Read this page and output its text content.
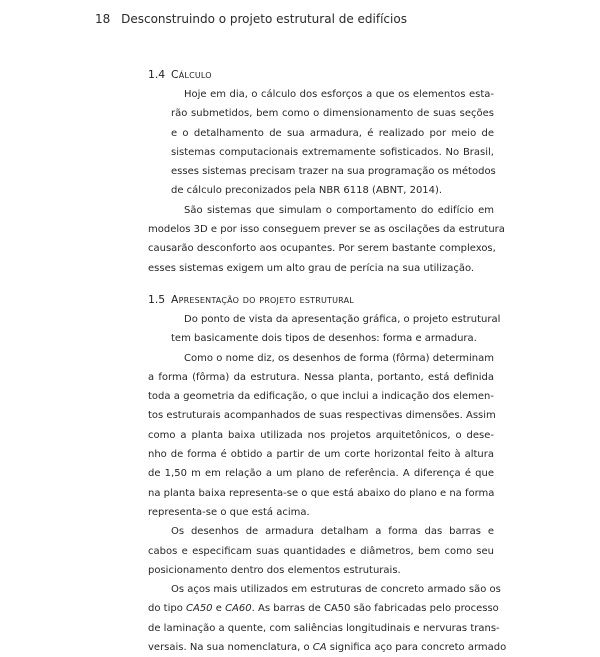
18 Desconstruindo o projeto estrutural de edifícios
1.4 Cálculo
Hoje em dia, o cálculo dos esforços a que os elementos esta-
rão submetidos, bem como o dimensionamento de suas seções
e o detalhamento de sua armadura, é realizado por meio de
sistemas computacionais extremamente sofisticados. No Brasil,
esses sistemas precisam trazer na sua programação os métodos
de cálculo preconizados pela NBR 6118 (ABNT, 2014).
São sistemas que simulam o comportamento do edifício em
modelos 3D e por isso conseguem prever se as oscilações da estrutura
causarão desconforto aos ocupantes. Por serem bastante complexos,
esses sistemas exigem um alto grau de perícia na sua utilização.
1.5 Apresentação do projeto estrutural
Do ponto de vista da apresentação gráfica, o projeto estrutural
tem basicamente dois tipos de desenhos: forma e armadura.
Como o nome diz, os desenhos de forma (fôrma) determinam
a forma (fôrma) da estrutura. Nessa planta, portanto, está definida
toda a geometria da edificação, o que inclui a indicação dos elemen-
tos estruturais acompanhados de suas respectivas dimensões. Assim
como a planta baixa utilizada nos projetos arquitetônicos, o dese-
nho de forma é obtido a partir de um corte horizontal feito à altura
de 1,50 m em relação a um plano de referência. A diferença é que
na planta baixa representa-se o que está abaixo do plano e na forma
representa-se o que está acima.
Os desenhos de armadura detalham a forma das barras e
cabos e especificam suas quantidades e diâmetros, bem como seu
posicionamento dentro dos elementos estruturais.
Os aços mais utilizados em estruturas de concreto armado são os
do tipo CA50 e CA60. As barras de CA50 são fabricadas pelo processo
de laminação a quente, com saliências longitudinais e nervuras trans-
versais. Na sua nomenclatura, o CA significa aço para concreto armado
